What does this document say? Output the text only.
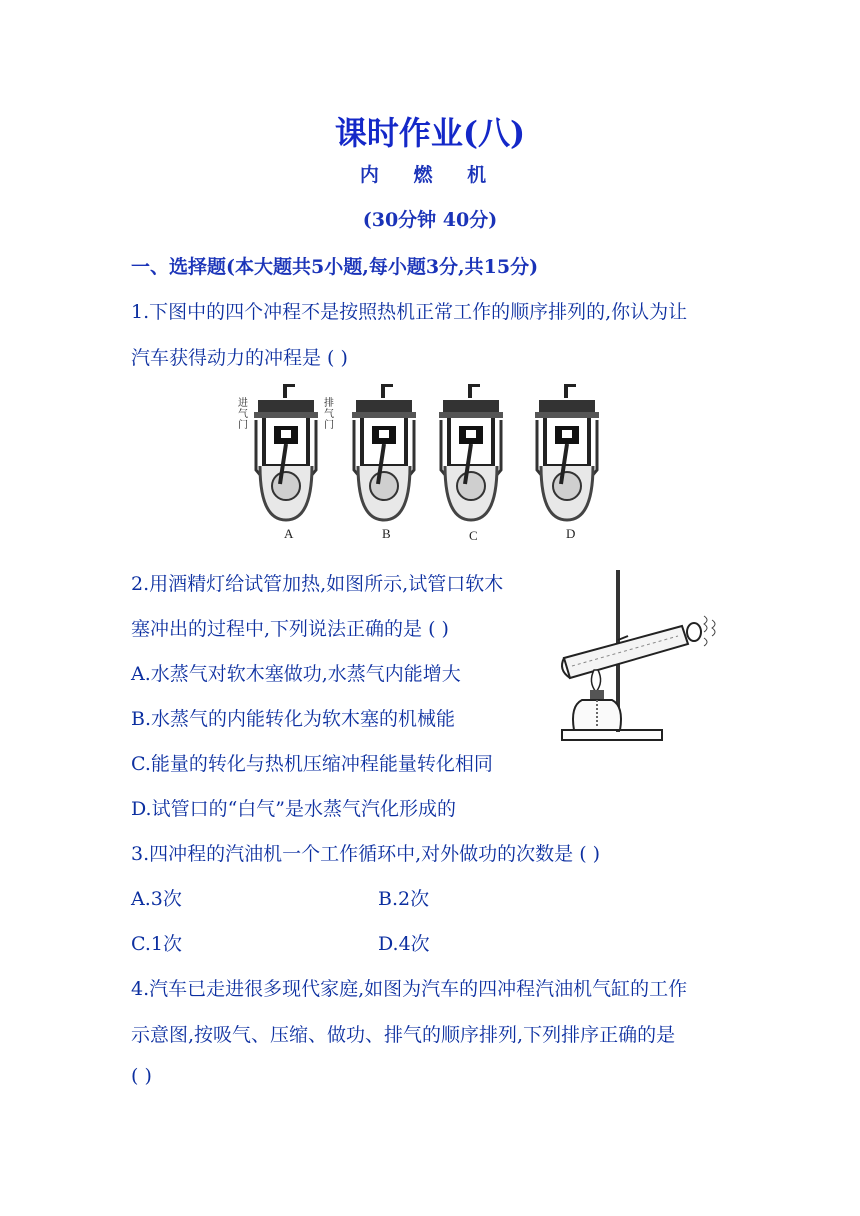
课时作业(八)
内 燃 机
(30分钟 40分)
一、选择题(本大题共5小题,每小题3分,共15分)
1.下图中的四个冲程不是按照热机正常工作的顺序排列的,你认为让
汽车获得动力的冲程是 ( )
进气门
排气门
A	B	C	D
2.用酒精灯给试管加热,如图所示,试管口软木
塞冲出的过程中,下列说法正确的是 ( )
A.水蒸气对软木塞做功,水蒸气内能增大
B.水蒸气的内能转化为软木塞的机械能
C.能量的转化与热机压缩冲程能量转化相同
D.试管口的“白气”是水蒸气汽化形成的
3.四冲程的汽油机一个工作循环中,对外做功的次数是 ( )
A.3次	B.2次
C.1次	D.4次
4.汽车已走进很多现代家庭,如图为汽车的四冲程汽油机气缸的工作
示意图,按吸气、压缩、做功、排气的顺序排列,下列排序正确的是
( )
